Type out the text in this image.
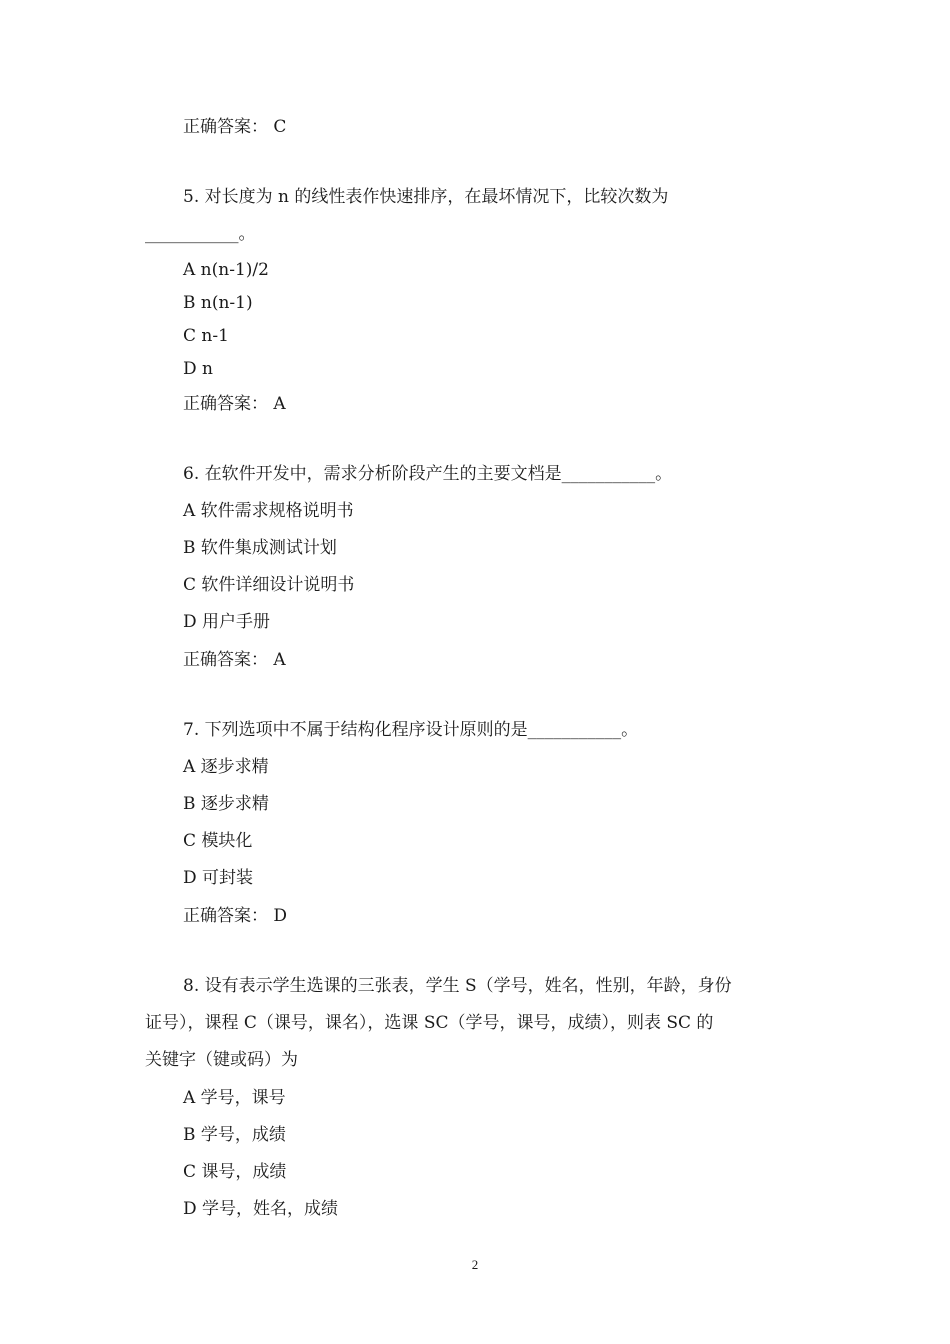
正确答案： C
5. 对长度为 n 的线性表作快速排序，在最坏情况下，比较次数为
___________。
A n(n-1)/2
B n(n-1)
C n-1
D n
正确答案： A
6. 在软件开发中，需求分析阶段产生的主要文档是___________。
A 软件需求规格说明书
B 软件集成测试计划
C 软件详细设计说明书
D 用户手册
正确答案： A
7. 下列选项中不属于结构化程序设计原则的是___________。
A 逐步求精
B 逐步求精
C 模块化
D 可封装
正确答案： D
8. 设有表示学生选课的三张表，学生 S（学号，姓名，性别，年龄，身份
证号），课程 C（课号，课名），选课 SC（学号，课号，成绩），则表 SC 的
关键字（键或码）为
A 学号，课号
B 学号，成绩
C 课号，成绩
D 学号，姓名，成绩
2
